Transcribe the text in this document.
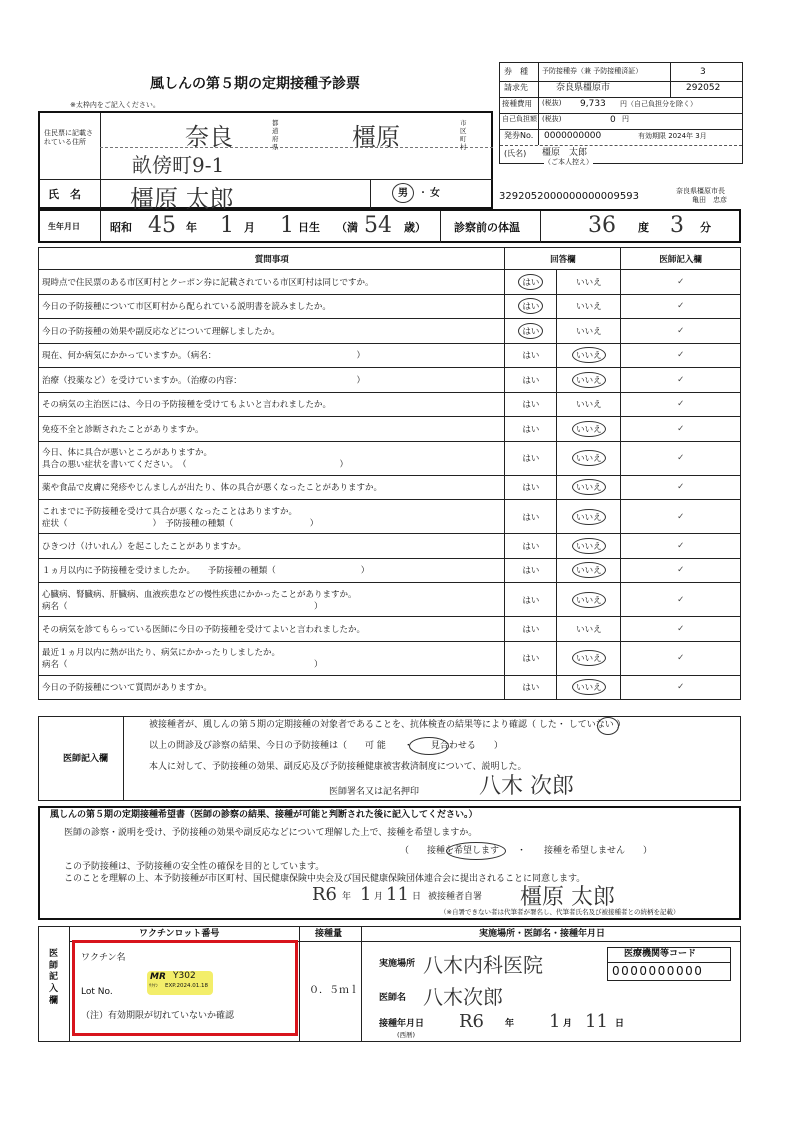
風しんの第５期の定期接種予診票
※太枠内をご記入ください。
券　種 予防接種券（兼 予防接種済証）	3
請求先	奈良県橿原市	292052
接種費用 (税抜) 9,733 円（自己負担分を除く）
自己負担額 (税抜)	0 円
発券No. 0000000000	有効期限 2024年 3月
(氏名) 橿原　太郎
（ご本人控え）
3292052000000000009593	奈良県橿原市長
亀田　忠彦
住民票に記載されている住所	奈良	都道府県	橿原	市区町村
畝傍町9-1
氏　名 橿原 太郎	男 ・ 女
生年月日	昭和 45 年 1 月 1 日生 （満 54 歳）	診察前の体温	36 度 3 分
質問事項	回答欄		医師記入欄

現時点で住民票のある市区町村とクーポン券に記載されている市区町村は同じですか。	はい	いいえ	✓

今日の予防接種について市区町村から配られている説明書を読みましたか。	はい	いいえ	✓

今日の予防接種の効果や副反応などについて理解しましたか。	はい	いいえ	✓

現在、何か病気にかかっていますか。（病名：　　　　　　　　　　　　　　　　　）	はい	いいえ	✓

治療（投薬など）を受けていますか。（治療の内容：　　　　　　　　　　　　　　）	はい	いいえ	✓

その病気の主治医には、今日の予防接種を受けてもよいと言われましたか。	はい	いいえ	✓

免疫不全と診断されたことがありますか。	はい	いいえ	✓

今日、体に具合が悪いところがありますか。
具合の悪い症状を書いてください。　（　　　　　　　　　　　　　　　　　　）	はい	いいえ	✓

薬や食品で皮膚に発疹やじんましんが出たり、体の具合が悪くなったことがありますか。	はい	いいえ	✓

これまでに予防接種を受けて具合が悪くなったことはありますか。
症状（　　　　　　　　　　）　予防接種の種類（　　　　　　　　　）	はい	いいえ	✓

ひきつけ（けいれん）を起こしたことがありますか。	はい	いいえ	✓

１ヵ月以内に予防接種を受けましたか。　　予防接種の種類（　　　　　　　　　　）	はい	いいえ	✓

心臓病、腎臓病、肝臓病、血液疾患などの慢性疾患にかかったことがありますか。
病名（　　　　　　　　　　　　　　　　　　　　　　　　　　　　　）	はい	いいえ	✓

その病気を診てもらっている医師に今日の予防接種を受けてよいと言われましたか。	はい	いいえ	✓

最近１ヵ月以内に熱が出たり、病気にかかったりしましたか。
病名（　　　　　　　　　　　　　　　　　　　　　　　　　　　　　）	はい	いいえ	✓

今日の予防接種について質問がありますか。	はい	いいえ	✓
医師記入欄
被接種者が、風しんの第５期の定期接種の対象者であることを、抗体検査の結果等により確認（ した・ していない ）
以上の問診及び診察の結果、今日の予防接種は（　　可 能　　・　　見合わせる　　）
本人に対して、予防接種の効果、副反応及び予防接種健康被害救済制度について、説明した。
医師署名又は記名押印	八木 次郎
風しんの第５期の定期接種希望書（医師の診察の結果、接種が可能と判断された後に記入してください。）
医師の診察・説明を受け、予防接種の効果や副反応などについて理解した上で、接種を希望しますか。
（　　接種を希望します　　・　　接種を希望しません　　）
この予防接種は、予防接種の安全性の確保を目的としています。
このことを理解の上、本予防接種が市区町村、国民健康保険中央会及び国民健康保険団体連合会に提出されることに同意します。
R6 年 1 月 11 日 被接種者自署 橿原 太郎
（※自署できない者は代筆者が署名し、代筆者氏名及び被接種者との続柄を記載）
医師記入欄
ワクチンロット番号	接種量	実施場所・医師名・接種年月日
ワクチン名
Lot No.
（注）有効期限が切れていないか確認
MR Y302
ﾜｸﾁﾝ EXP.2024.01.18	０．５ｍｌ
実施場所 八木内科医院	医療機関等コード
0000000000
医師名 八木次郎
接種年月日
(西暦)
R6 年 1 月 11 日
